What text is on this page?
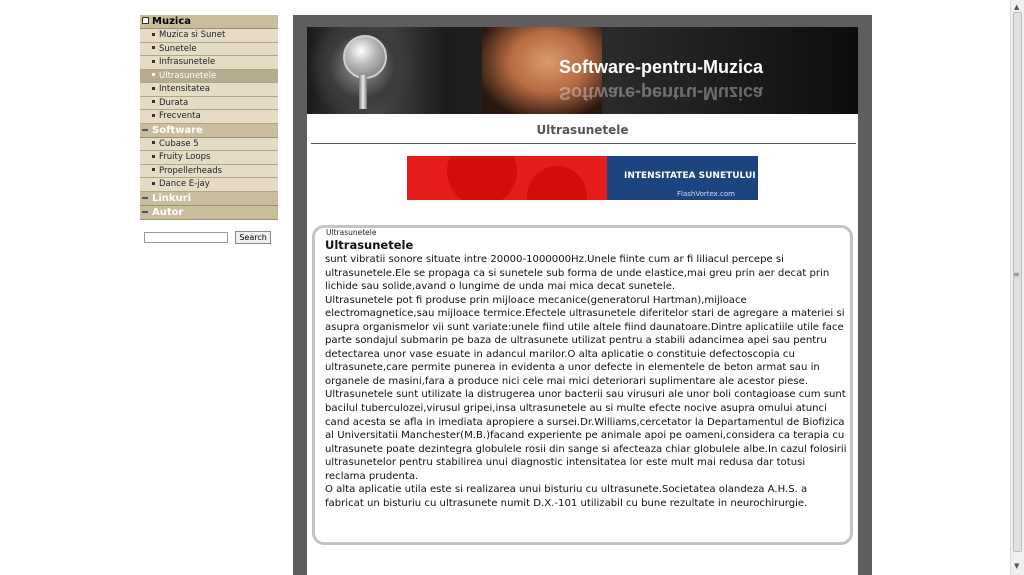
Muzica
Muzica si Sunet
Sunetele
Infrasunetele
Ultrasunetele
Intensitatea
Durata
Frecventa
Software
Cubase 5
Fruity Loops
Propellerheads
Dance E-jay
Linkuri
Autor
Search
Software-pentru-Muzica
Software-pentru-Muzica
Ultrasunetele
INTENSITATEA SUNETULUI
FlashVortex.com
Ultrasunetele
Ultrasunetele

sunt vibratii sonore situate intre 20000-1000000Hz.Unele fiinte cum ar fi liliacul percepe si ultrasunetele.Ele se propaga ca si sunetele sub forma de unde elastice,mai greu prin aer decat prin lichide sau solide,avand o lungime de unda mai mica decat sunetele.

Ultrasunetele pot fi produse prin mijloace mecanice(generatorul Hartman),mijloace electromagnetice,sau mijloace termice.Efectele ultrasunetele diferitelor stari de agregare a materiei si asupra organismelor vii sunt variate:unele fiind utile altele fiind daunatoare.Dintre aplicatiile utile face parte sondajul submarin pe baza de ultrasunete utilizat pentru a stabili adancimea apei sau pentru detectarea unor vase esuate in adancul marilor.O alta aplicatie o constituie defectoscopia cu ultrasunete,care permite punerea in evidenta a unor defecte in elementele de beton armat sau in organele de masini,fara a produce nici cele mai mici deteriorari suplimentare ale acestor piese.

Ultrasunetele sunt utilizate la distrugerea unor bacterii sau virusuri ale unor boli contagioase cum sunt bacilul tuberculozei,virusul gripei,insa ultrasunetele au si multe efecte nocive asupra omului atunci cand acesta se afla in imediata apropiere a sursei.Dr.Williams,cercetator la Departamentul de Biofizica al Universitatii Manchester(M.B.)facand experiente pe animale apoi pe oameni,considera ca terapia cu ultrasunete poate dezintegra globulele rosii din sange si afecteaza chiar globulele albe.In cazul folosirii ultrasunetelor pentru stabilirea unui diagnostic intensitatea lor este mult mai redusa dar totusi reclama prudenta.

O alta aplicatie utila este si realizarea unui bisturiu cu ultrasunete.Societatea olandeza A.H.S. a fabricat un bisturiu cu ultrasunete numit D.X.-101 utilizabil cu bune rezultate in neurochirurgie.

▲
≡
▼
